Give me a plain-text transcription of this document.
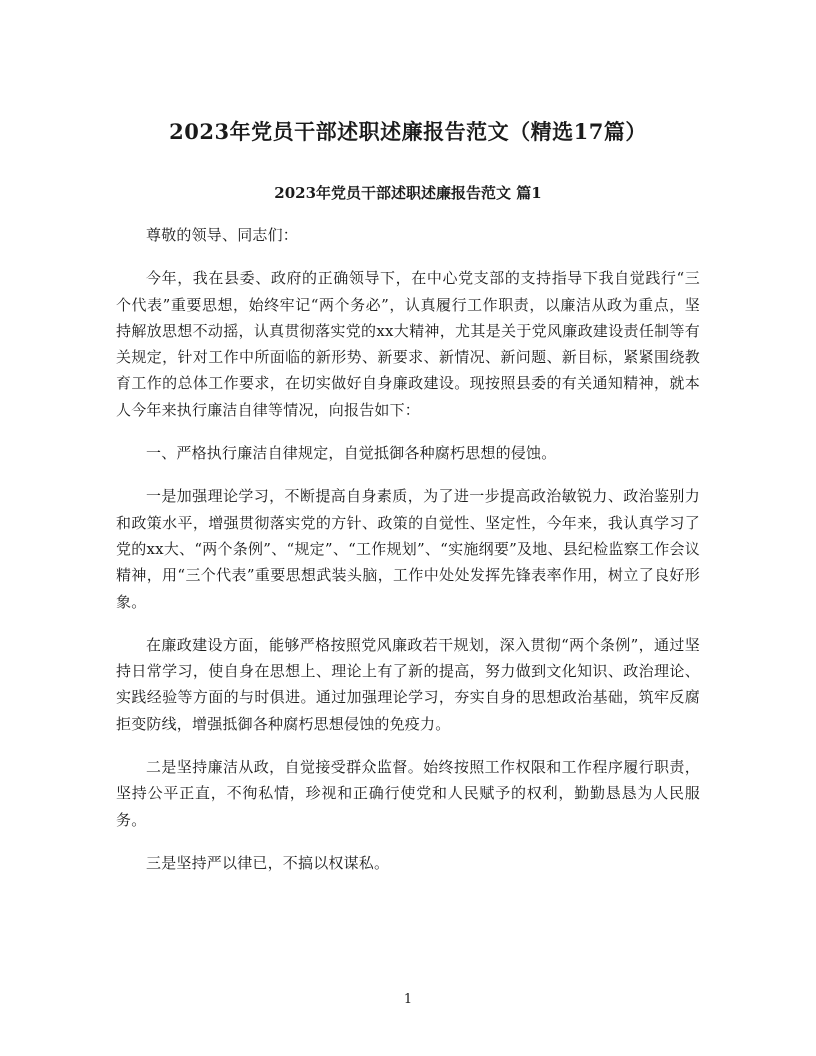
2023年党员干部述职述廉报告范文（精选17篇）
2023年党员干部述职述廉报告范文 篇1

尊敬的领导、同志们：

今年，我在县委、政府的正确领导下，在中心党支部的支持指导下我自觉践行“三个代表”重要思想，始终牢记“两个务必”，认真履行工作职责，以廉洁从政为重点，坚持解放思想不动摇，认真贯彻落实党的xx大精神，尤其是关于党风廉政建设责任制等有关规定，针对工作中所面临的新形势、新要求、新情况、新问题、新目标，紧紧围绕教育工作的总体工作要求，在切实做好自身廉政建设。现按照县委的有关通知精神，就本人今年来执行廉洁自律等情况，向报告如下：

一、严格执行廉洁自律规定，自觉抵御各种腐朽思想的侵蚀。

一是加强理论学习，不断提高自身素质，为了进一步提高政治敏锐力、政治鉴别力和政策水平，增强贯彻落实党的方针、政策的自觉性、坚定性，今年来，我认真学习了党的xx大、“两个条例”、“规定”、“工作规划”、“实施纲要”及地、县纪检监察工作会议精神，用“三个代表”重要思想武装头脑，工作中处处发挥先锋表率作用，树立了良好形象。

在廉政建设方面，能够严格按照党风廉政若干规划，深入贯彻“两个条例”，通过坚持日常学习，使自身在思想上、理论上有了新的提高，努力做到文化知识、政治理论、实践经验等方面的与时俱进。通过加强理论学习，夯实自身的思想政治基础，筑牢反腐拒变防线，增强抵御各种腐朽思想侵蚀的免疫力。

二是坚持廉洁从政，自觉接受群众监督。始终按照工作权限和工作程序履行职责，坚持公平正直，不徇私情，珍视和正确行使党和人民赋予的权利，勤勤恳恳为人民服务。

三是坚持严以律已，不搞以权谋私。

1
